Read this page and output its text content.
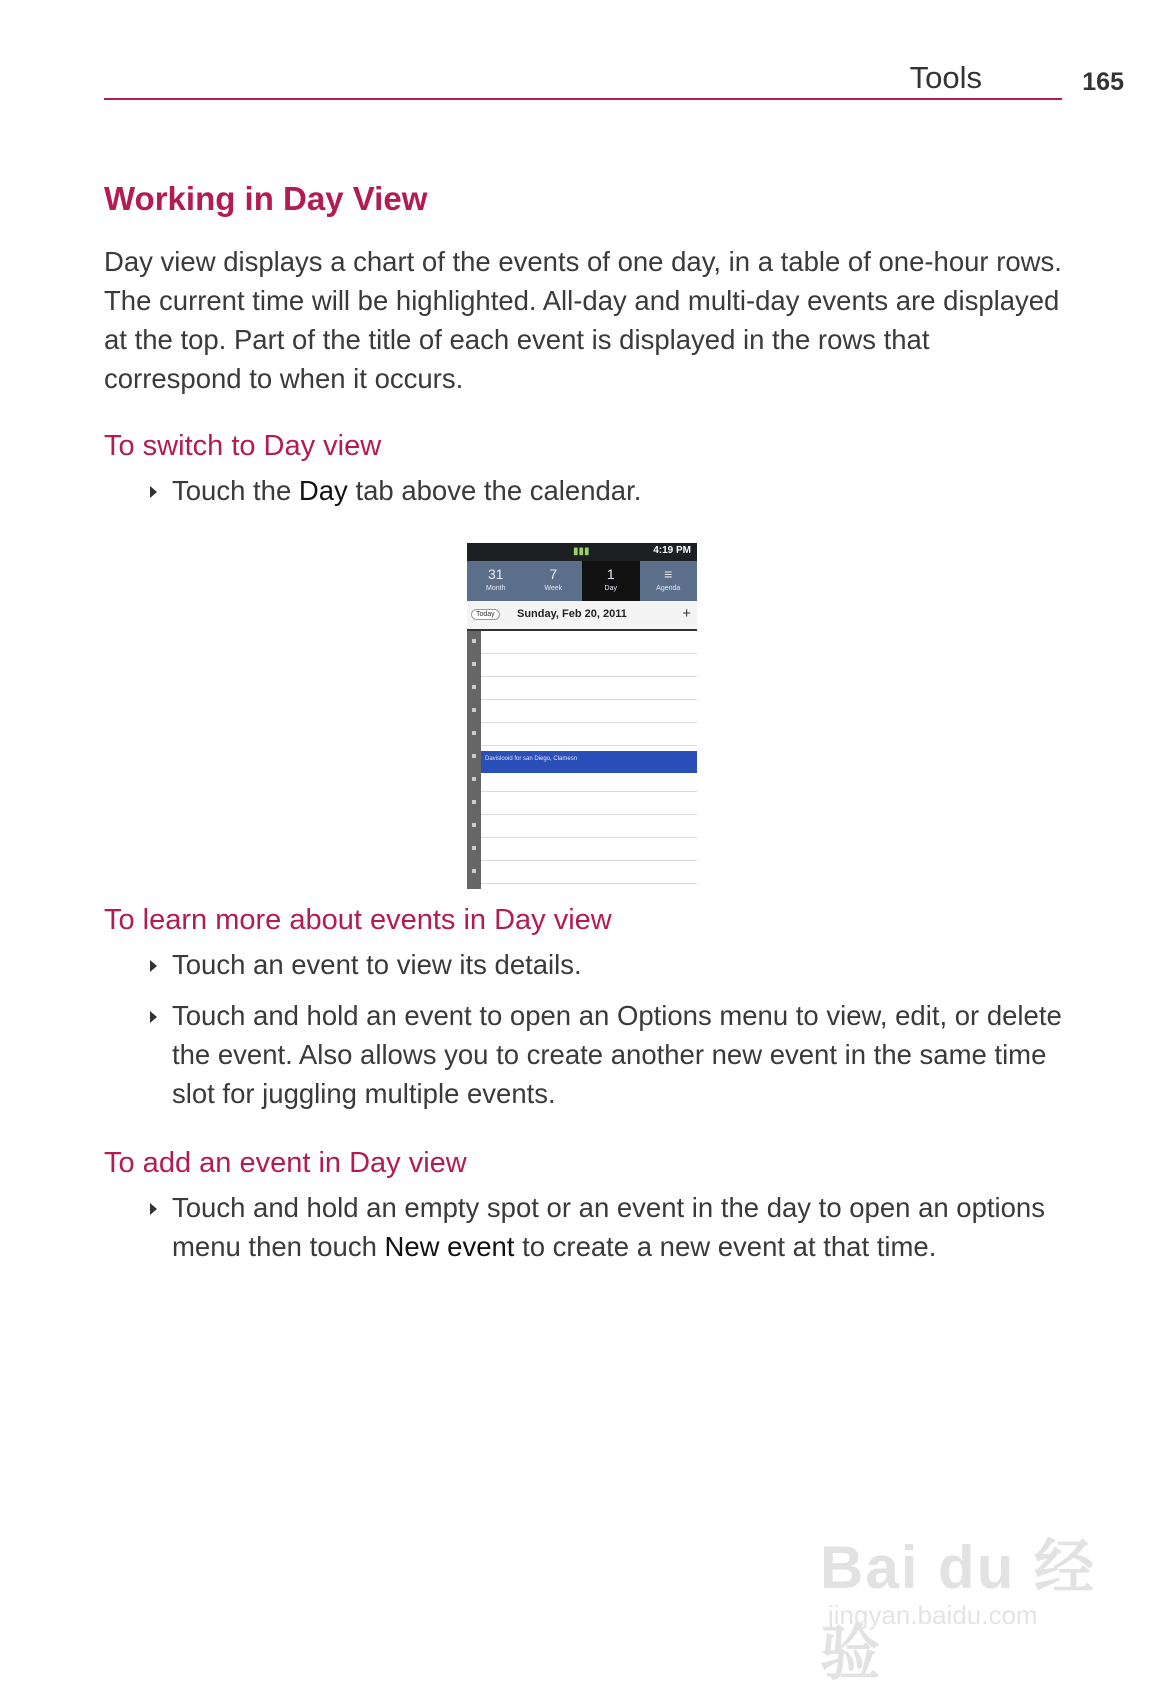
Tools	165
Working in Day View

Day view displays a chart of the events of one day, in a table of one-hour rows. The current time will be highlighted. All-day and multi-day events are displayed at the top. Part of the title of each event is displayed in the rows that correspond to when it occurs.

To switch to Day view
Touch the Day tab above the calendar.
To learn more about events in Day view
Touch an event to view its details.
Touch and hold an event to open an Options menu to view, edit, or delete the event. Also allows you to create another new event in the same time slot for juggling multiple events.
To add an event in Day view
Touch and hold an empty spot or an event in the day to open an options menu then touch New event to create a new event at that time.
▮▮▮	4:19 PM
31
Month
7
Week
1
Day
≡
Agenda
Today	Sunday, Feb 20, 2011	+
Davislooid for san Diego, Clamesn
Bai du 经验
jingyan.baidu.com
